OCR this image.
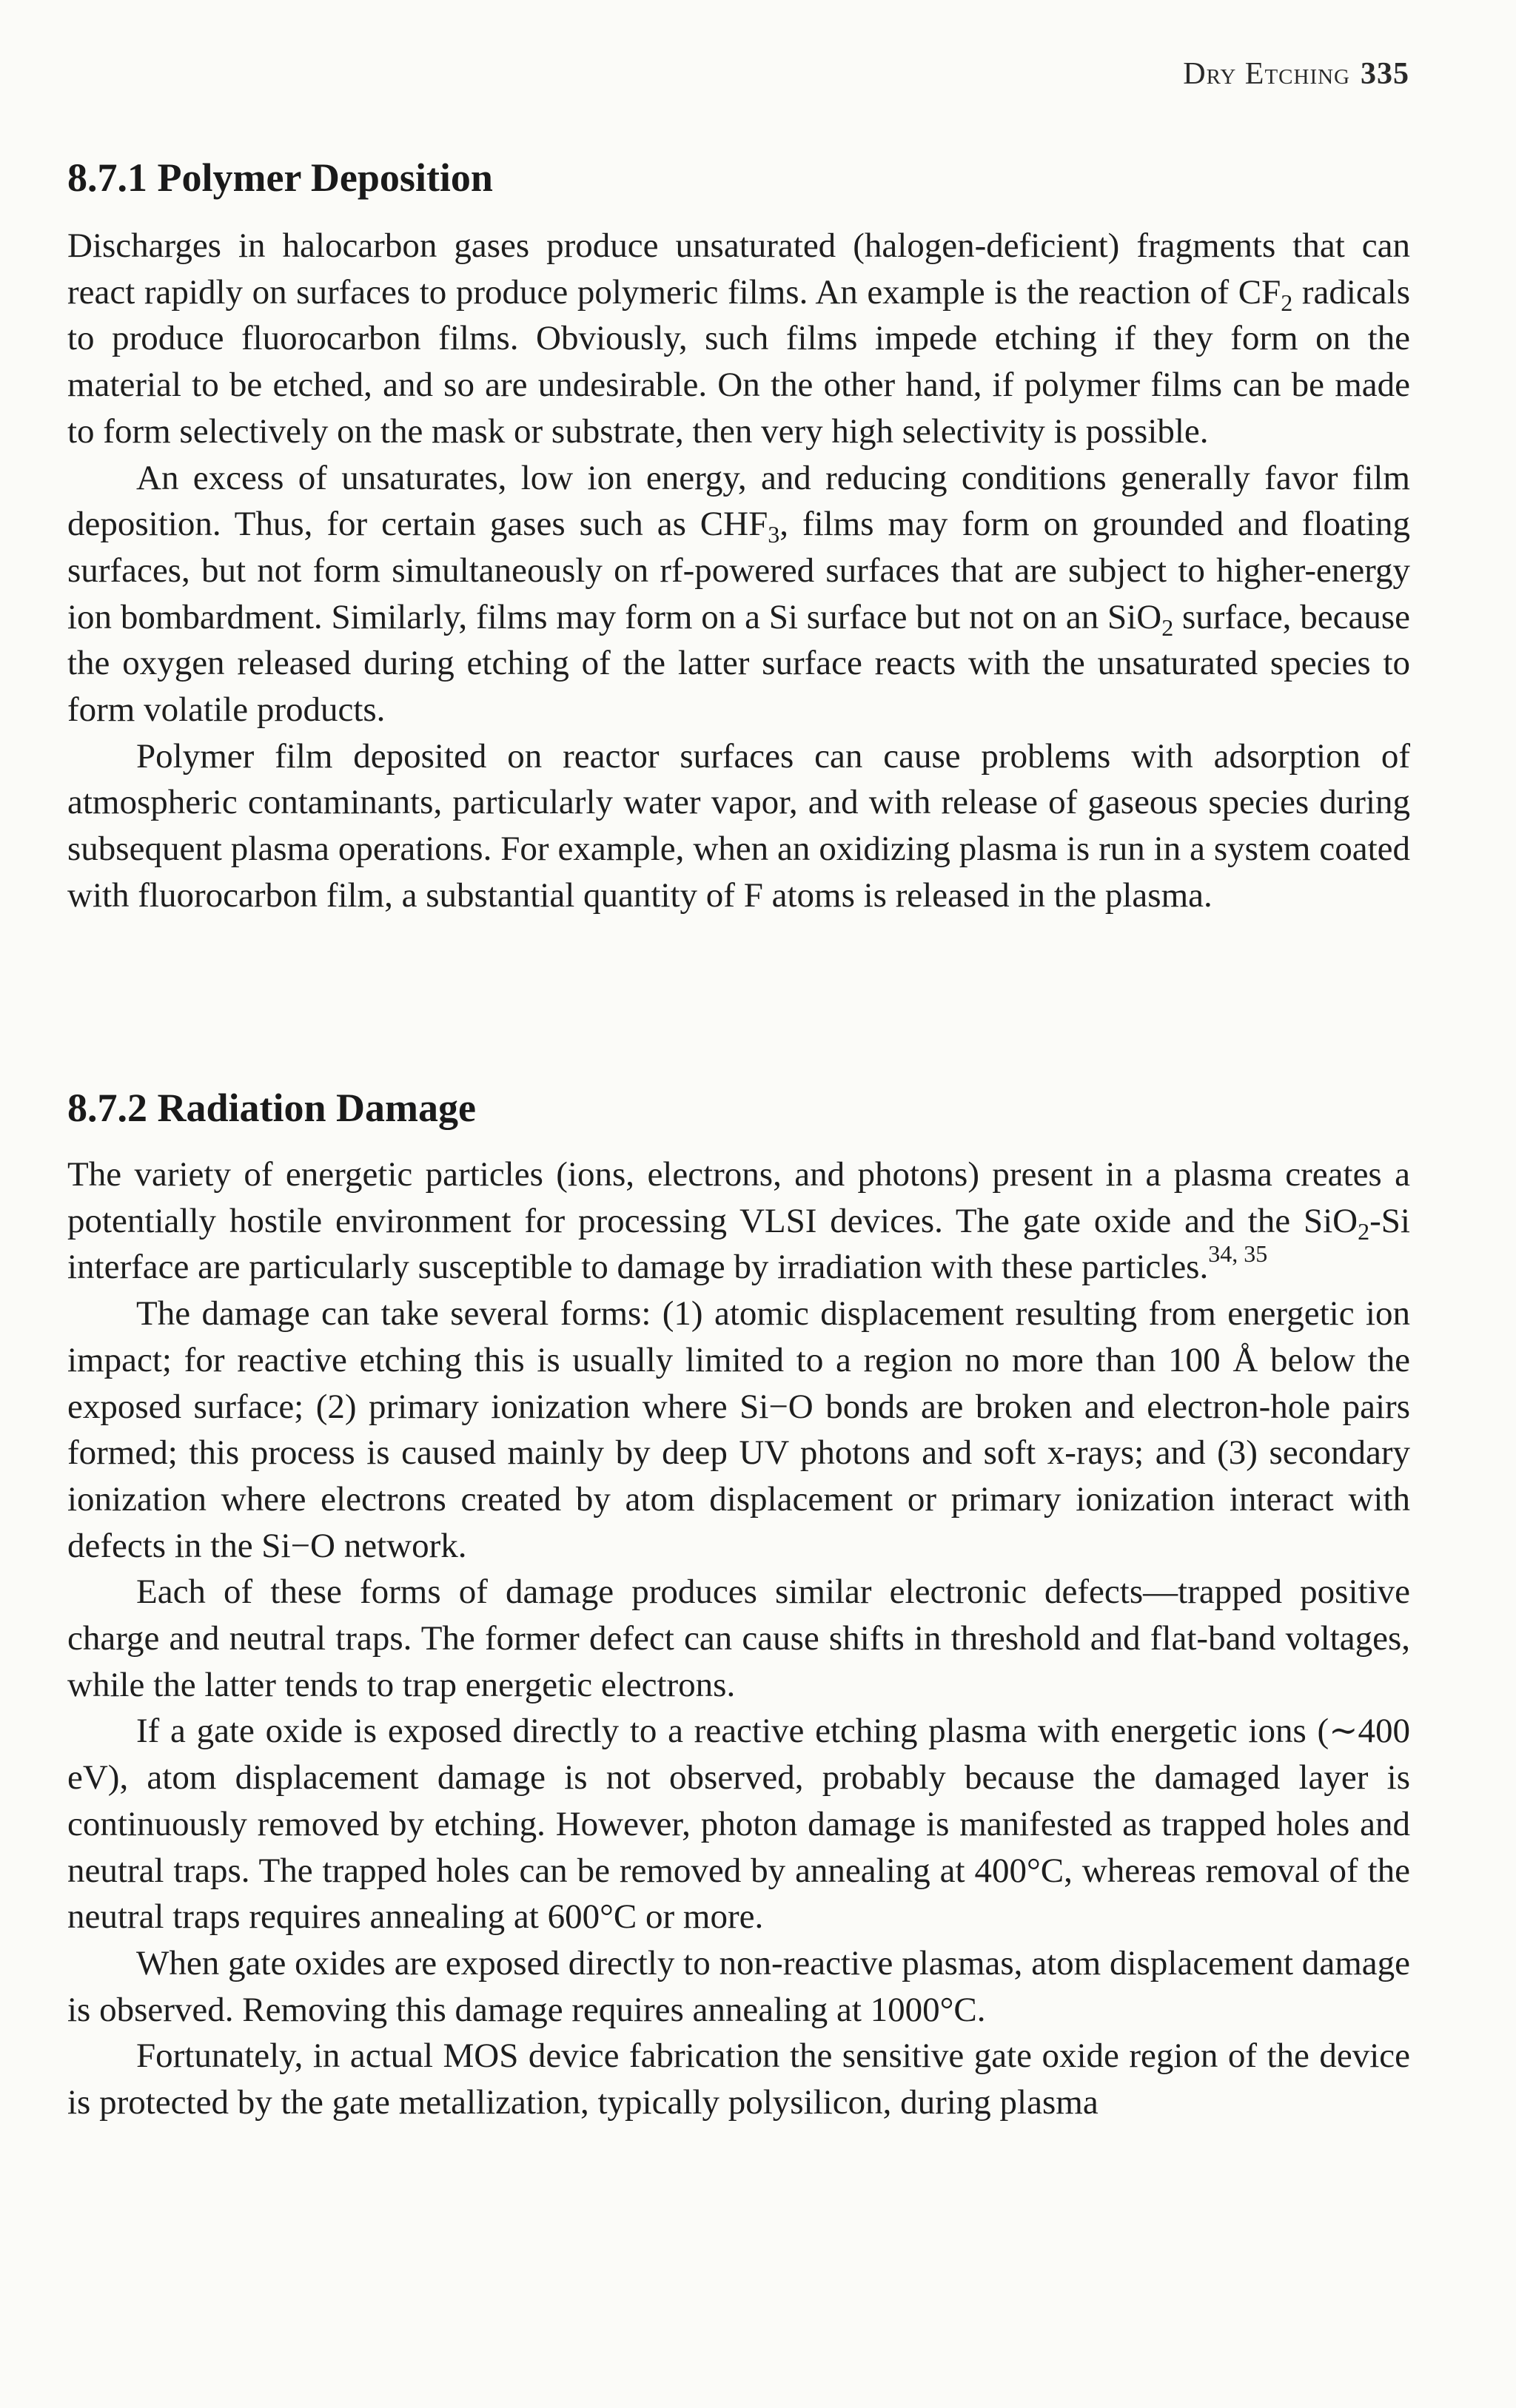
Dry Etching 335
8.7.1 Polymer Deposition

Discharges in halocarbon gases produce unsaturated (halogen-deficient) fragments that can react rapidly on surfaces to produce polymeric films. An example is the reaction of $CF_2$ radicals to produce fluorocarbon films. Obviously, such films impede etching if they form on the material to be etched, and so are undesirable. On the other hand, if polymer films can be made to form selectively on the mask or substrate, then very high selectivity is possible.

An excess of unsaturates, low ion energy, and reducing conditions generally favor film deposition. Thus, for certain gases such as $CHF_3$, films may form on grounded and floating surfaces, but not form simultaneously on rf-powered surfaces that are subject to higher-energy ion bombardment. Similarly, films may form on a Si surface but not on an SiO$_2$ surface, because the oxygen released during etching of the latter surface reacts with the unsaturated species to form volatile products.

Polymer film deposited on reactor surfaces can cause problems with adsorption of atmospheric contaminants, particularly water vapor, and with release of gaseous species during subsequent plasma operations. For example, when an oxidizing plasma is run in a system coated with fluorocarbon film, a substantial quantity of F atoms is released in the plasma.

8.7.2 Radiation Damage

The variety of energetic particles (ions, electrons, and photons) present in a plasma creates a potentially hostile environment for processing VLSI devices. The gate oxide and the SiO$_2$-Si interface are particularly susceptible to damage by irradiation with these particles.$^{34, 35}$

The damage can take several forms: (1) atomic displacement resulting from energetic ion impact; for reactive etching this is usually limited to a region no more than 100 Å below the exposed surface; (2) primary ionization where Si−O bonds are broken and electron-hole pairs formed; this process is caused mainly by deep UV photons and soft x-rays; and (3) secondary ionization where electrons created by atom displacement or primary ionization interact with defects in the Si−O network.

Each of these forms of damage produces similar electronic defects—trapped positive charge and neutral traps. The former defect can cause shifts in threshold and flat-band voltages, while the latter tends to trap energetic electrons.

If a gate oxide is exposed directly to a reactive etching plasma with energetic ions (∼400 eV), atom displacement damage is not observed, probably because the damaged layer is continuously removed by etching. However, photon damage is manifested as trapped holes and neutral traps. The trapped holes can be removed by annealing at 400°C, whereas removal of the neutral traps requires annealing at 600°C or more.

When gate oxides are exposed directly to non-reactive plasmas, atom displacement damage is observed. Removing this damage requires annealing at 1000°C.

Fortunately, in actual MOS device fabrication the sensitive gate oxide region of the device is protected by the gate metallization, typically polysilicon, during plasma
